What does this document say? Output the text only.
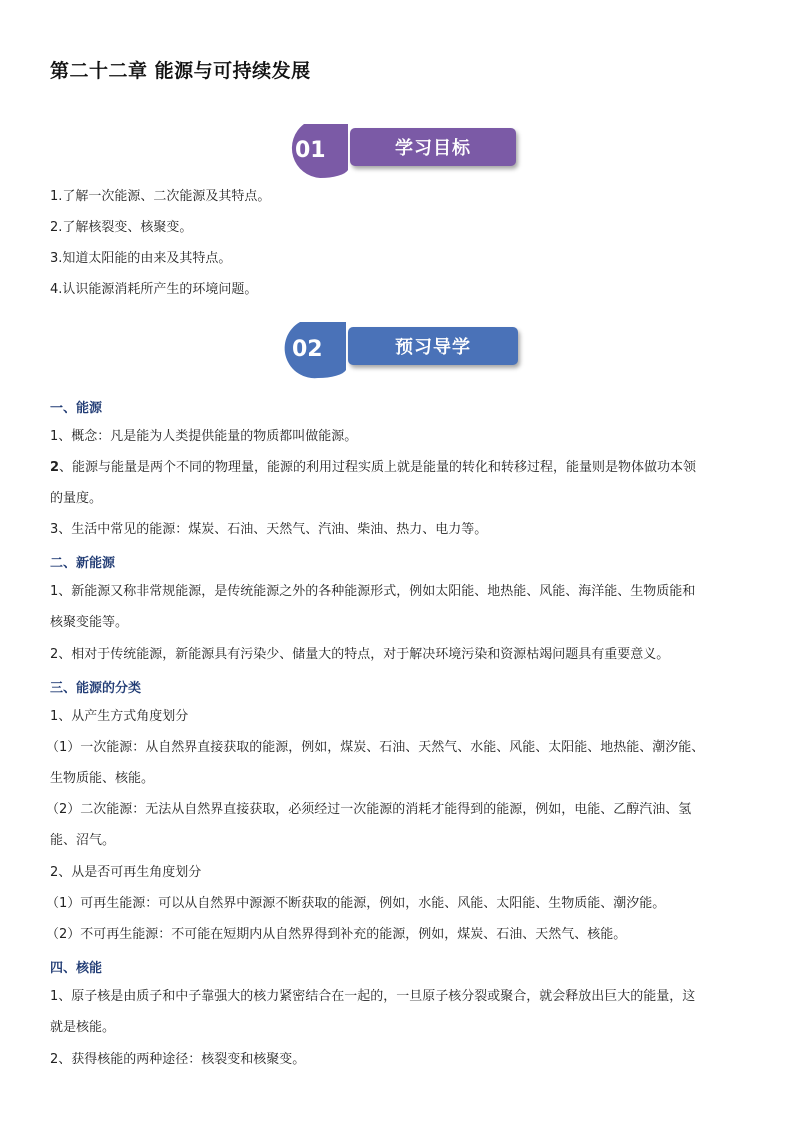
第二十二章 能源与可持续发展
01	学习目标
1.了解一次能源、二次能源及其特点。
2.了解核裂变、核聚变。
3.知道太阳能的由来及其特点。
4.认识能源消耗所产生的环境问题。
02	预习导学
一、能源
1、概念：凡是能为人类提供能量的物质都叫做能源。
2、能源与能量是两个不同的物理量，能源的利用过程实质上就是能量的转化和转移过程，能量则是物体做功本领
的量度。
3、生活中常见的能源：煤炭、石油、天然气、汽油、柴油、热力、电力等。
二、新能源
1、新能源又称非常规能源，是传统能源之外的各种能源形式，例如太阳能、地热能、风能、海洋能、生物质能和
核聚变能等。
2、相对于传统能源，新能源具有污染少、储量大的特点，对于解决环境污染和资源枯竭问题具有重要意义。
三、能源的分类
1、从产生方式角度划分
（1）一次能源：从自然界直接获取的能源，例如，煤炭、石油、天然气、水能、风能、太阳能、地热能、潮汐能、
生物质能、核能。
（2）二次能源：无法从自然界直接获取，必须经过一次能源的消耗才能得到的能源，例如，电能、乙醇汽油、氢
能、沼气。
2、从是否可再生角度划分
（1）可再生能源：可以从自然界中源源不断获取的能源，例如，水能、风能、太阳能、生物质能、潮汐能。
（2）不可再生能源：不可能在短期内从自然界得到补充的能源，例如，煤炭、石油、天然气、核能。
四、核能
1、原子核是由质子和中子靠强大的核力紧密结合在一起的，一旦原子核分裂或聚合，就会释放出巨大的能量，这
就是核能。
2、获得核能的两种途径：核裂变和核聚变。
